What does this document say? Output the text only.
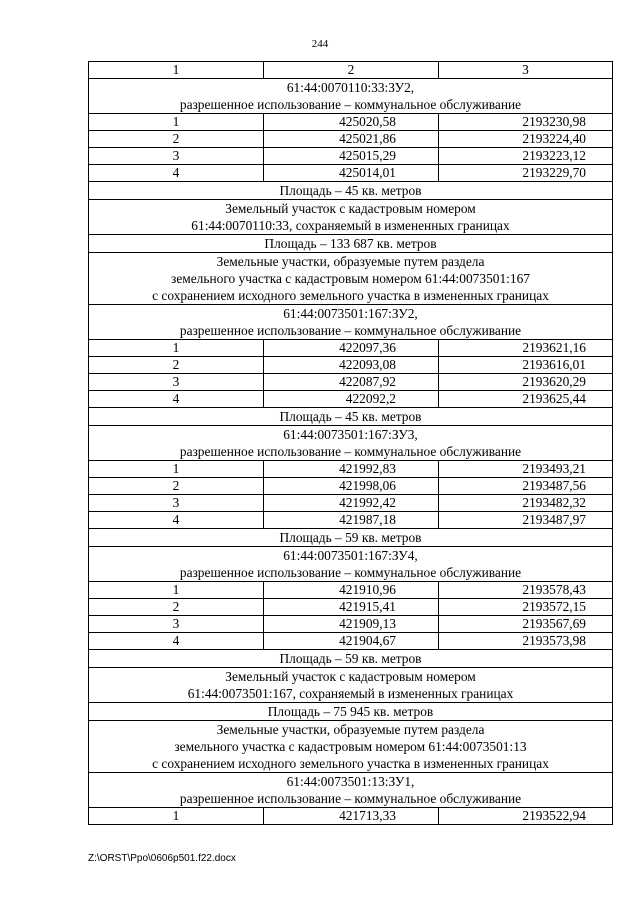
244
1	2	3

61:44:0070110:33:ЗУ2,
разрешенное использование – коммунальное обслуживание		

1	425020,58	2193230,98
2	425021,86	2193224,40
3	425015,29	2193223,12
4	425014,01	2193229,70

Площадь – 45 кв. метров		

Земельный участок с кадастровым номером
61:44:0070110:33, сохраняемый в измененных границах		

Площадь – 133 687 кв. метров		

Земельные участки, образуемые путем раздела
земельного участка с кадастровым номером 61:44:0073501:167
с сохранением исходного земельного участка в измененных границах		

61:44:0073501:167:ЗУ2,
разрешенное использование – коммунальное обслуживание		

1	422097,36	2193621,16
2	422093,08	2193616,01
3	422087,92	2193620,29
4	422092,2	2193625,44

Площадь – 45 кв. метров		

61:44:0073501:167:ЗУ3,
разрешенное использование – коммунальное обслуживание		

1	421992,83	2193493,21
2	421998,06	2193487,56
3	421992,42	2193482,32
4	421987,18	2193487,97

Площадь – 59 кв. метров		

61:44:0073501:167:ЗУ4,
разрешенное использование – коммунальное обслуживание		

1	421910,96	2193578,43
2	421915,41	2193572,15
3	421909,13	2193567,69
4	421904,67	2193573,98

Площадь – 59 кв. метров		

Земельный участок с кадастровым номером
61:44:0073501:167, сохраняемый в измененных границах		

Площадь – 75 945 кв. метров		

Земельные участки, образуемые путем раздела
земельного участка с кадастровым номером 61:44:0073501:13
с сохранением исходного земельного участка в измененных границах		

61:44:0073501:13:ЗУ1,
разрешенное использование – коммунальное обслуживание		

1	421713,33	2193522,94
Z:\ORST\Ppo\0606p501.f22.docx
